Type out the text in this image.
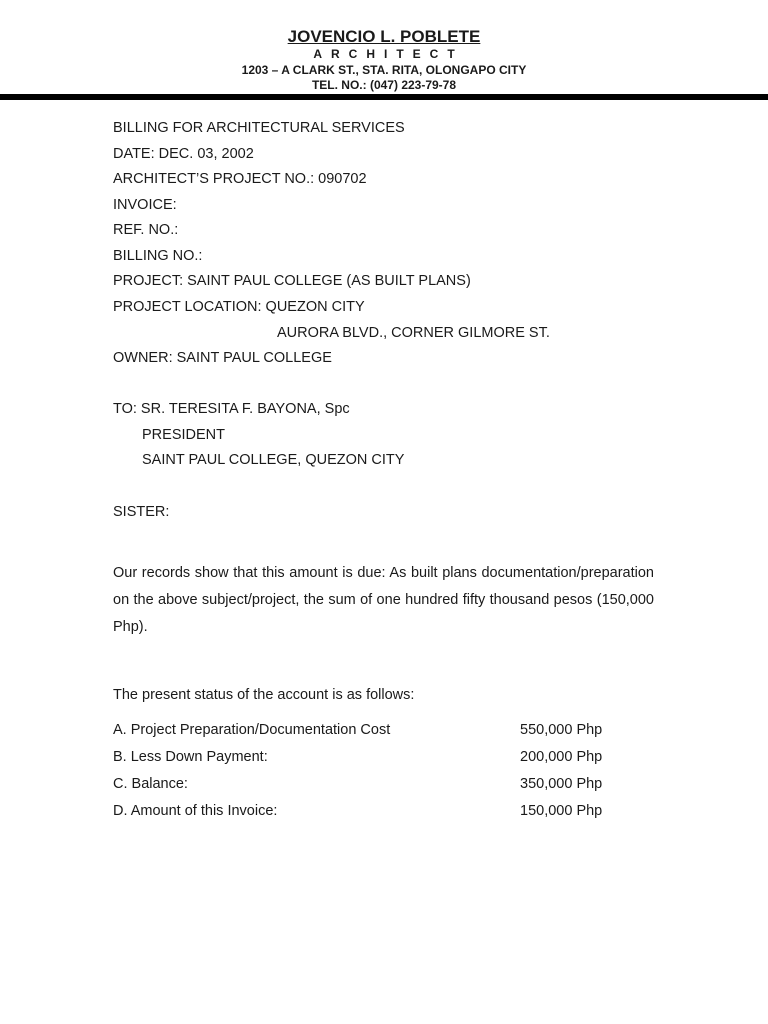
JOVENCIO L. POBLETE
ARCHITECT
1203 – A CLARK ST., STA. RITA, OLONGAPO CITY
TEL. NO.: (047) 223-79-78
BILLING FOR ARCHITECTURAL SERVICES
DATE: DEC. 03, 2002
ARCHITECT’S PROJECT NO.: 090702
INVOICE:
REF. NO.:
BILLING NO.:
PROJECT: SAINT PAUL COLLEGE (AS BUILT PLANS)
PROJECT LOCATION: QUEZON CITY
AURORA BLVD., CORNER GILMORE ST.
OWNER: SAINT PAUL COLLEGE
TO: SR. TERESITA F. BAYONA, Spc
PRESIDENT
SAINT PAUL COLLEGE, QUEZON CITY
SISTER:
Our records show that this amount is due: As built plans documentation/preparation on the above subject/project, the sum of one hundred fifty thousand pesos (150,000 Php).
The present status of the account is as follows:
A. Project Preparation/Documentation Cost	550,000 Php
B. Less Down Payment:	200,000 Php
C. Balance:	350,000 Php
D. Amount of this Invoice:	150,000 Php
